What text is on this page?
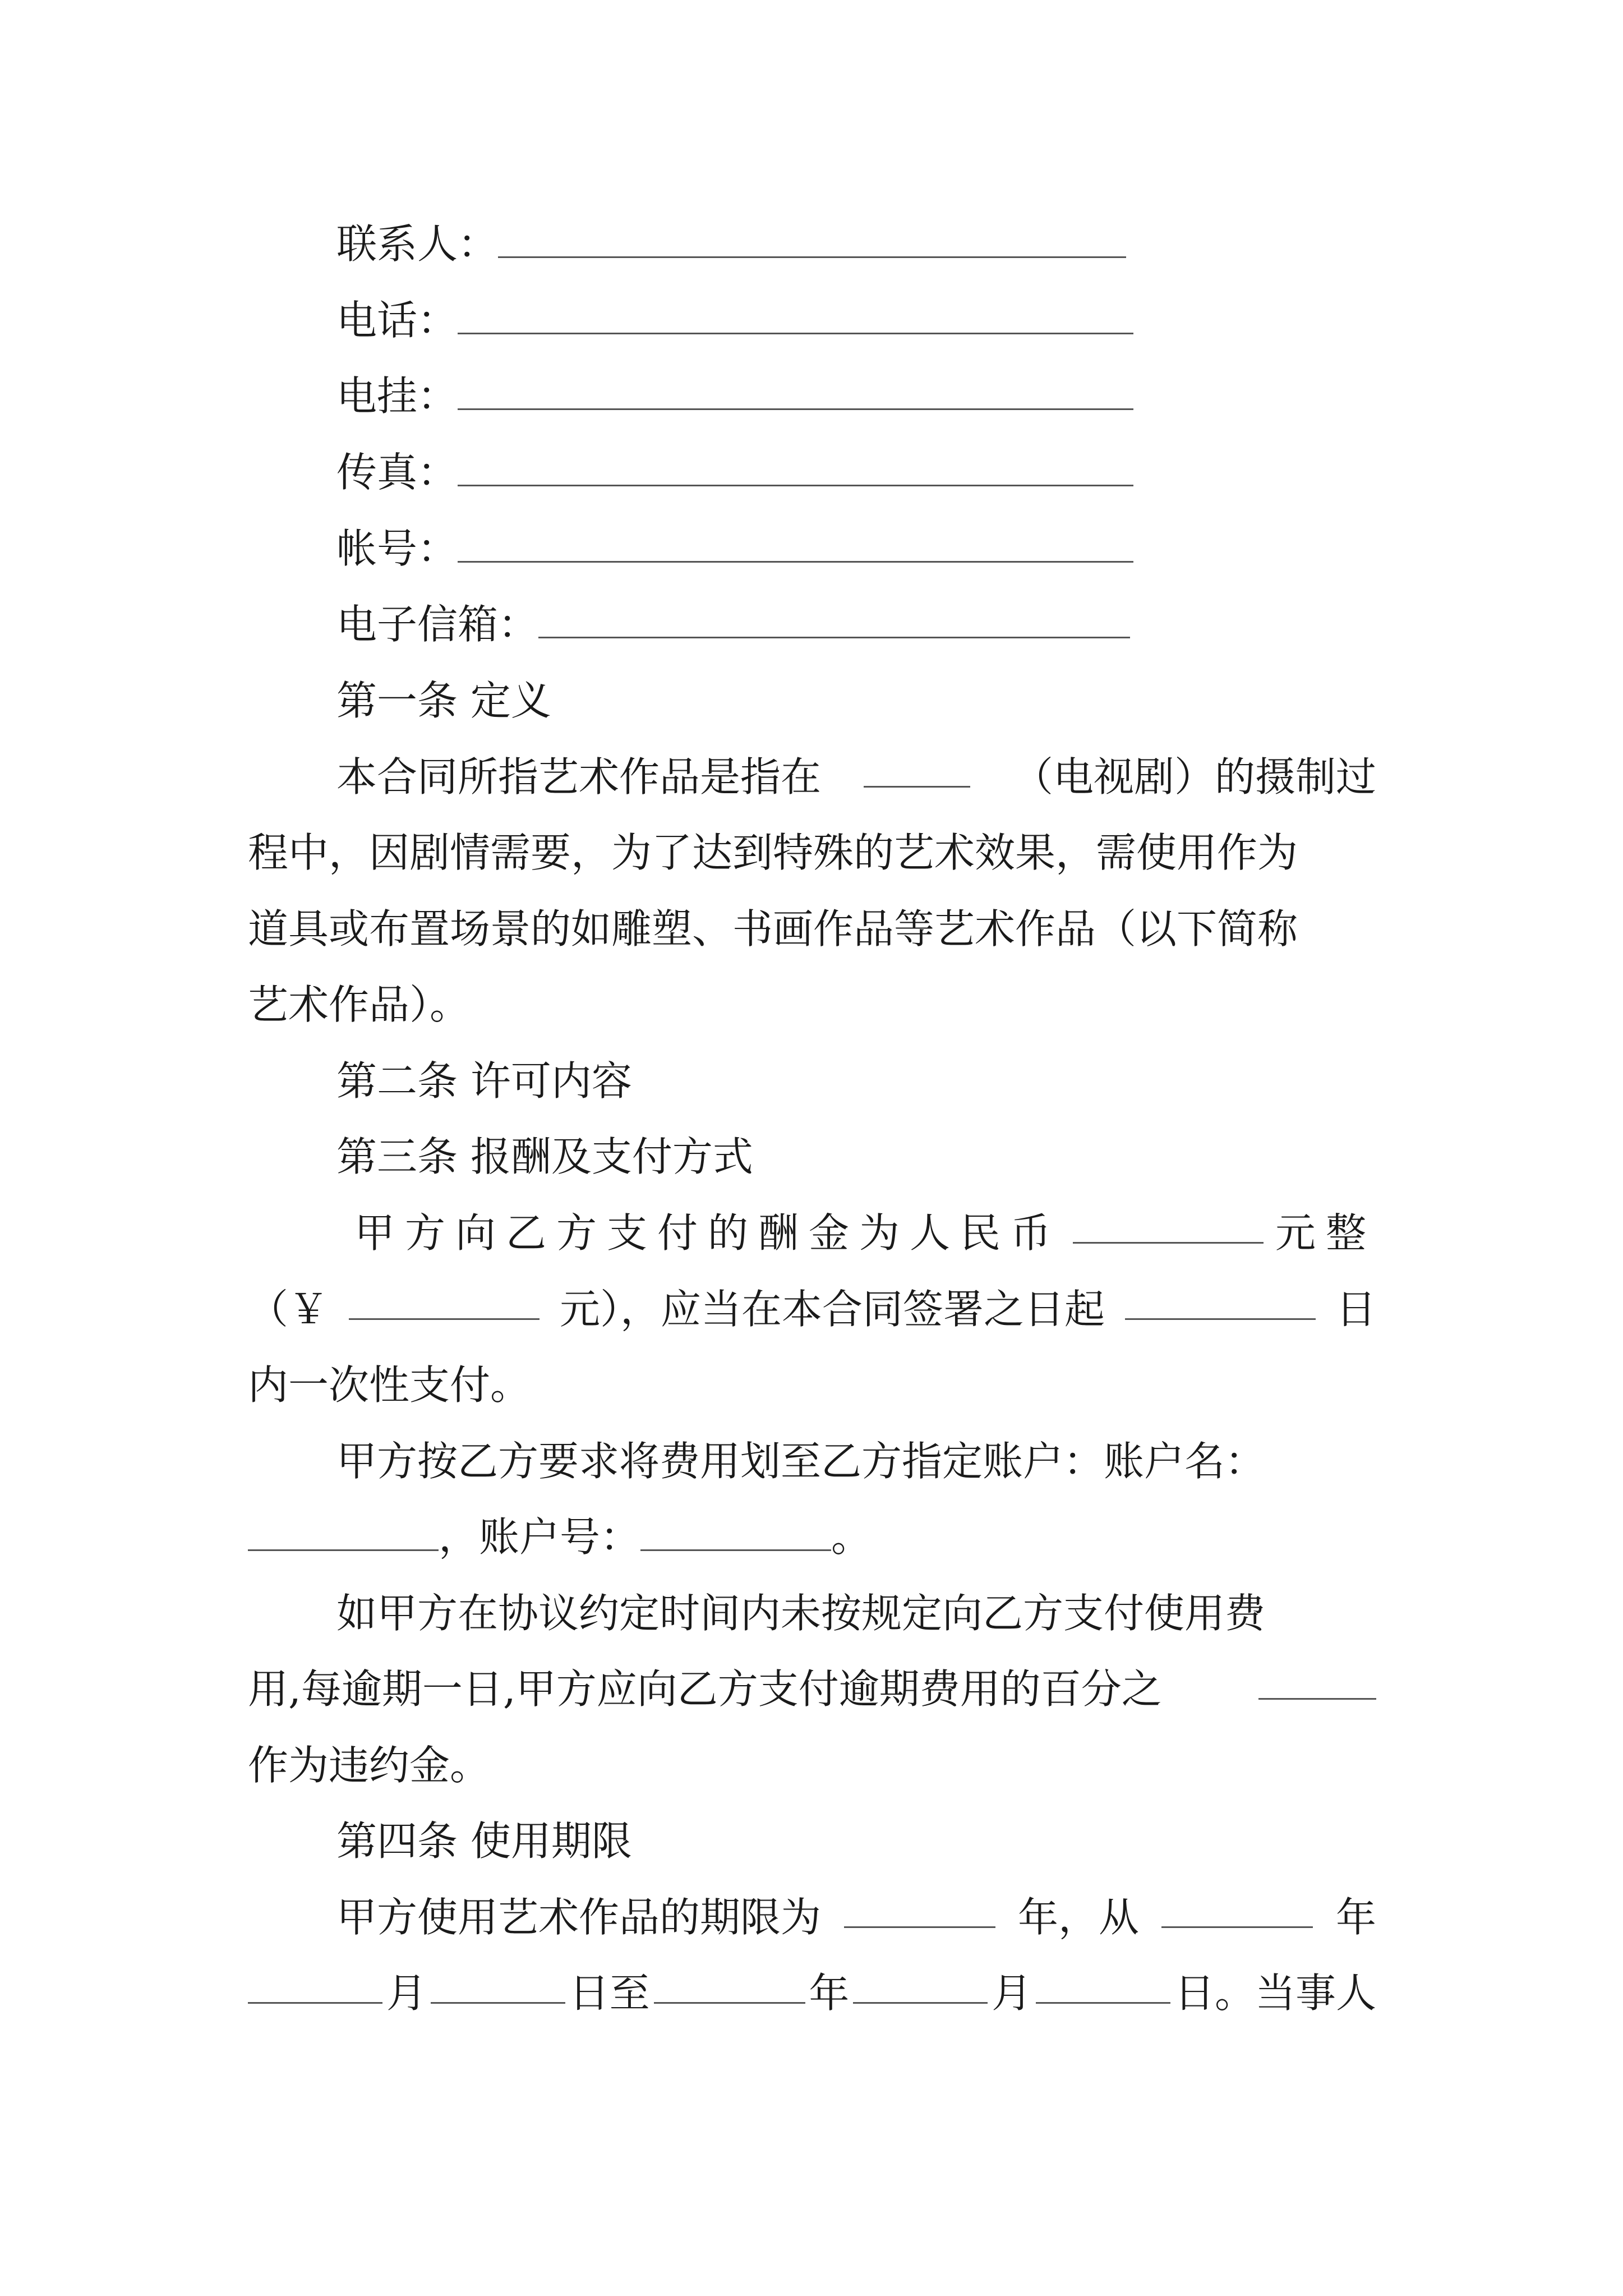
联系人：
电话：
电挂：
传真：
帐号：
电子信箱：
第一条 定义
本合同所指艺术作品是指在	（电视剧）的摄制过
程中，因剧情需要，为了达到特殊的艺术效果，需使用作为
道具或布置场景的如雕塑、书画作品等艺术作品（以下简称
艺术作品）。
第二条 许可内容
第三条 报酬及支付方式
甲方向乙方支付的酬金为人民币	元整
（￥	元），应当在本合同签署之日起	日
内一次性支付。
甲方按乙方要求将费用划至乙方指定账户：账户名：
，账户号：	。
如甲方在协议约定时间内未按规定向乙方支付使用费
用,每逾期一日,甲方应向乙方支付逾期费用的百分之
作为违约金。
第四条 使用期限
甲方使用艺术作品的期限为	年，从	年
月	日至	年	月	日。当事人
